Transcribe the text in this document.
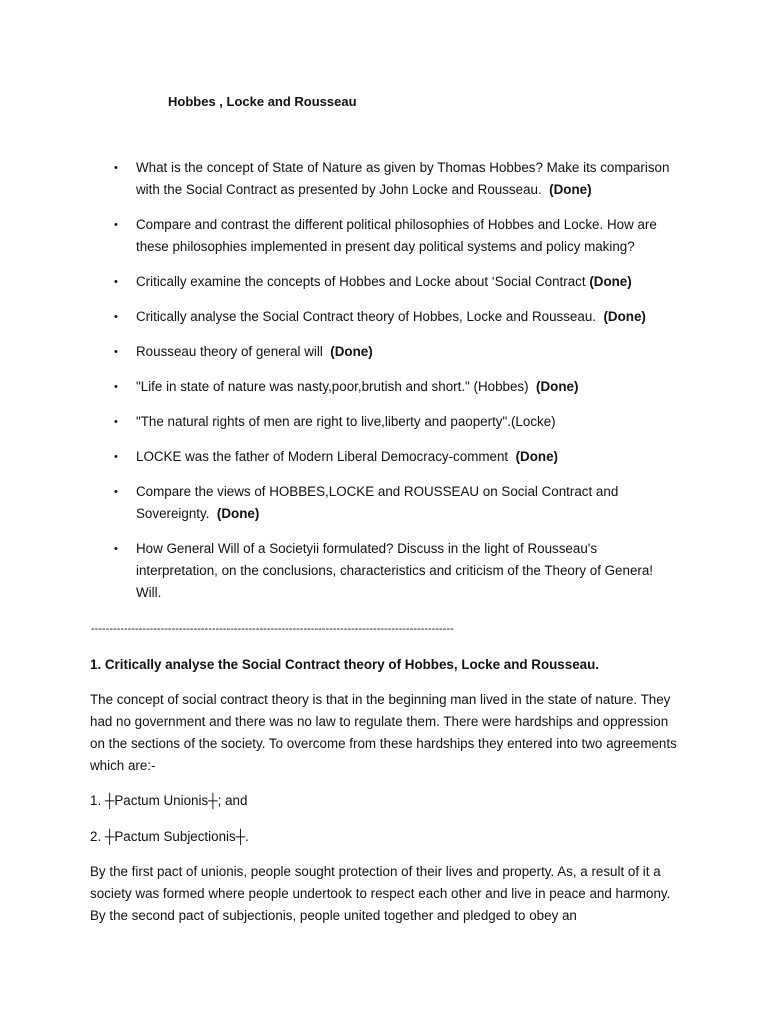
Hobbes , Locke and Rousseau
• What is the concept of State of Nature as given by Thomas Hobbes? Make its comparison with the Social Contract as presented by John Locke and Rousseau. (Done)
• Compare and contrast the different political philosophies of Hobbes and Locke. How are these philosophies implemented in present day political systems and policy making?
• Critically examine the concepts of Hobbes and Locke about ‘Social Contract (Done)
• Critically analyse the Social Contract theory of Hobbes, Locke and Rousseau. (Done)
• Rousseau theory of general will (Done)
• "Life in state of nature was nasty,poor,brutish and short." (Hobbes) (Done)
• "The natural rights of men are right to live,liberty and paoperty".(Locke)
• LOCKE was the father of Modern Liberal Democracy-comment (Done)
• Compare the views of HOBBES,LOCKE and ROUSSEAU on Social Contract and Sovereignty. (Done)
• How General Will of a Societyii formulated? Discuss in the light of Rousseau's interpretation, on the conclusions, characteristics and criticism of the Theory of Genera! Will.
---------------------------------------------------------------------------------------------------
1. Critically analyse the Social Contract theory of Hobbes, Locke and Rousseau.

The concept of social contract theory is that in the beginning man lived in the state of nature. They had no government and there was no law to regulate them. There were hardships and oppression on the sections of the society. To overcome from these hardships they entered into two agreements which are:-

1. ┼Pactum Unionis┼; and

2. ┼Pactum Subjectionis┼.

By the first pact of unionis, people sought protection of their lives and property. As, a result of it a society was formed where people undertook to respect each other and live in peace and harmony. By the second pact of subjectionis, people united together and pledged to obey an
